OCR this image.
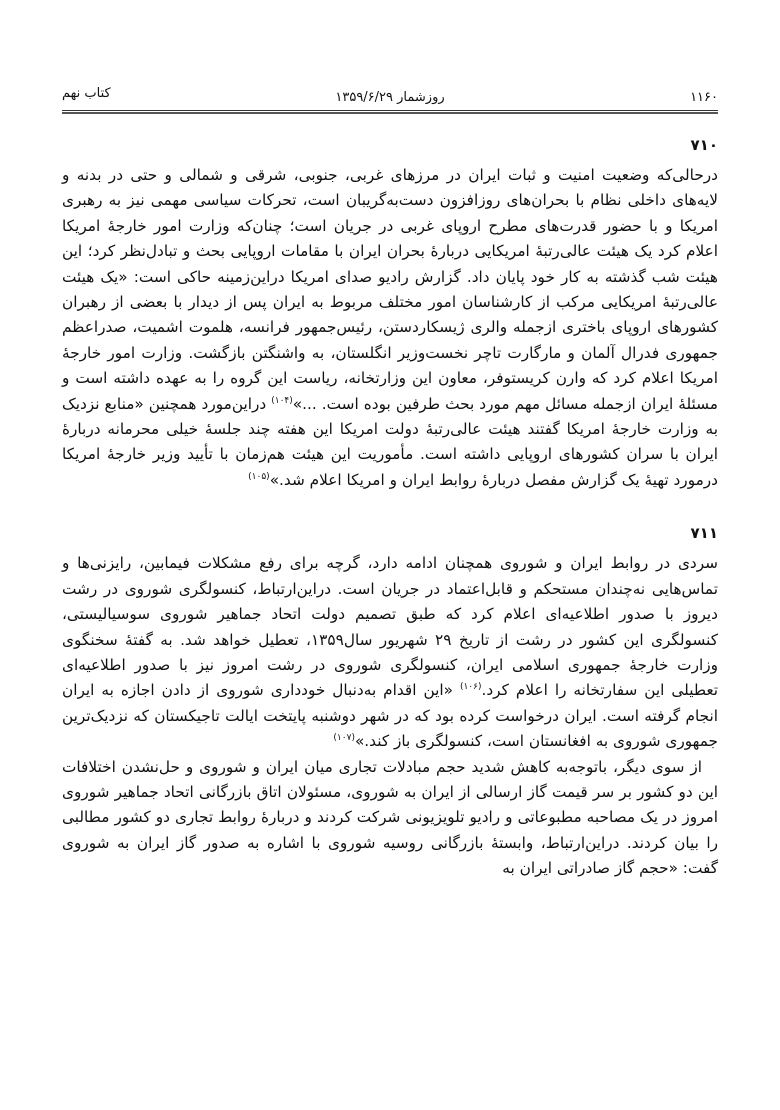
۱۱۶۰
روزشمار ۱۳۵۹/۶/۲۹
کتاب نهم
۷۱۰

درحالی‌که وضعیت امنیت و ثبات ایران در مرزهای غربی، جنوبی، شرقی و شمالی و حتی در بدنه و لایه‌های داخلی نظام با بحران‌های روزافزون دست‌به‌گریبان است، تحرکات سیاسی مهمی نیز به رهبری امریکا و با حضور قدرت‌های مطرح اروپای غربی در جریان است؛ چنان‌که وزارت امور خارجهٔ امریکا اعلام کرد یک هیئت عالی‌رتبهٔ امریکایی دربارهٔ بحران ایران با مقامات اروپایی بحث و تبادل‌نظر کرد؛ این هیئت شب گذشته به کار خود پایان داد. گزارش رادیو صدای امریکا دراین‌زمینه حاکی است: «یک هیئت عالی‌رتبهٔ امریکایی مرکب از کارشناسان امور مختلف مربوط به ایران پس از دیدار با بعضی از رهبران کشورهای اروپای باختری ازجمله والری ژیسکاردستن، رئیس‌جمهور فرانسه، هلموت اشمیت، صدراعظم جمهوری فدرال آلمان و مارگارت تاچر نخست‌وزیر انگلستان، به واشنگتن بازگشت. وزارت امور خارجهٔ امریکا اعلام کرد که وارن کریستوفر، معاون این وزارتخانه، ریاست این گروه را به عهده داشته است و مسئلهٔ ایران ازجمله مسائل مهم مورد بحث طرفین بوده است. ...»$^{(۱۰۴)}$ دراین‌مورد همچنین «منابع نزدیک به وزارت خارجهٔ امریکا گفتند هیئت عالی‌رتبهٔ دولت امریکا این هفته چند جلسهٔ خیلی محرمانه دربارهٔ ایران با سران کشورهای اروپایی داشته است. مأموریت این هیئت هم‌زمان با تأیید وزیر خارجهٔ امریکا درمورد تهیهٔ یک گزارش مفصل دربارهٔ روابط ایران و امریکا اعلام شد.»$^{(۱۰۵)}$

۷۱۱

سردی در روابط ایران و شوروی همچنان ادامه دارد، گرچه برای رفع مشکلات فیمابین، رایزنی‌ها و تماس‌هایی نه‌چندان مستحکم و قابل‌اعتماد در جریان است. دراین‌ارتباط، کنسولگری شوروی در رشت دیروز با صدور اطلاعیه‌ای اعلام کرد که طبق تصمیم دولت اتحاد جماهیر شوروی سوسیالیستی، کنسولگری این کشور در رشت از تاریخ ۲۹ شهریور سال۱۳۵۹، تعطیل خواهد شد. به گفتهٔ سخنگوی وزارت خارجهٔ جمهوری اسلامی ایران، کنسولگری شوروی در رشت امروز نیز با صدور اطلاعیه‌ای تعطیلی این سفارتخانه را اعلام کرد.$^{(۱۰۶)}$ «این اقدام به‌دنبال خودداری شوروی از دادن اجازه به ایران انجام گرفته است. ایران درخواست کرده بود که در شهر دوشنبه پایتخت ایالت تاجیکستان که نزدیک‌ترین جمهوری شوروی به افغانستان است، کنسولگری باز کند.»$^{(۱۰۷)}$

از سوی دیگر، باتوجه‌به کاهش شدید حجم مبادلات تجاری میان ایران و شوروی و حل‌نشدن اختلافات این دو کشور بر سر قیمت گاز ارسالی از ایران به شوروی، مسئولان اتاق بازرگانی اتحاد جماهیر شوروی امروز در یک مصاحبه مطبوعاتی و رادیو تلویزیونی شرکت کردند و دربارهٔ روابط تجاری دو کشور مطالبی را بیان کردند. دراین‌ارتباط، وابستهٔ بازرگانی روسیه شوروی با اشاره به صدور گاز ایران به شوروی گفت: «حجم گاز صادراتی ایران به
